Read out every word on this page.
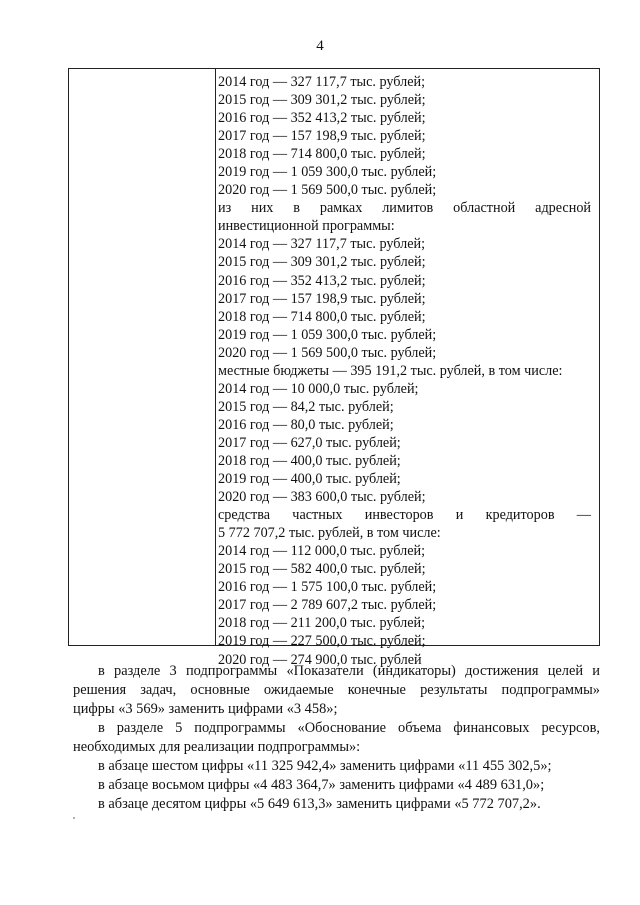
4
2014 год — 327 117,7 тыс. рублей;
2015 год — 309 301,2 тыс. рублей;
2016 год — 352 413,2 тыс. рублей;
2017 год — 157 198,9 тыс. рублей;
2018 год — 714 800,0 тыс. рублей;
2019 год — 1 059 300,0 тыс. рублей;
2020 год — 1 569 500,0 тыс. рублей;
из них в рамках лимитов областной адресной
инвестиционной программы:
2014 год — 327 117,7 тыс. рублей;
2015 год — 309 301,2 тыс. рублей;
2016 год — 352 413,2 тыс. рублей;
2017 год — 157 198,9 тыс. рублей;
2018 год — 714 800,0 тыс. рублей;
2019 год — 1 059 300,0 тыс. рублей;
2020 год — 1 569 500,0 тыс. рублей;
местные бюджеты — 395 191,2 тыс. рублей, в том числе:
2014 год — 10 000,0 тыс. рублей;
2015 год — 84,2 тыс. рублей;
2016 год — 80,0 тыс. рублей;
2017 год — 627,0 тыс. рублей;
2018 год — 400,0 тыс. рублей;
2019 год — 400,0 тыс. рублей;
2020 год — 383 600,0 тыс. рублей;
средства частных инвесторов и кредиторов —
5 772 707,2 тыс. рублей, в том числе:
2014 год — 112 000,0 тыс. рублей;
2015 год — 582 400,0 тыс. рублей;
2016 год — 1 575 100,0 тыс. рублей;
2017 год — 2 789 607,2 тыс. рублей;
2018 год — 211 200,0 тыс. рублей;
2019 год — 227 500,0 тыс. рублей;
2020 год — 274 900,0 тыс. рублей
в разделе 3 подпрограммы «Показатели (индикаторы) достижения целей и
решения задач, основные ожидаемые конечные результаты подпрограммы»
цифры «3 569» заменить цифрами «3 458»;
в разделе 5 подпрограммы «Обоснование объема финансовых ресурсов,
необходимых для реализации подпрограммы»:
в абзаце шестом цифры «11 325 942,4» заменить цифрами «11 455 302,5»;
в абзаце восьмом цифры «4 483 364,7» заменить цифрами «4 489 631,0»;
в абзаце десятом цифры «5 649 613,3» заменить цифрами «5 772 707,2».
